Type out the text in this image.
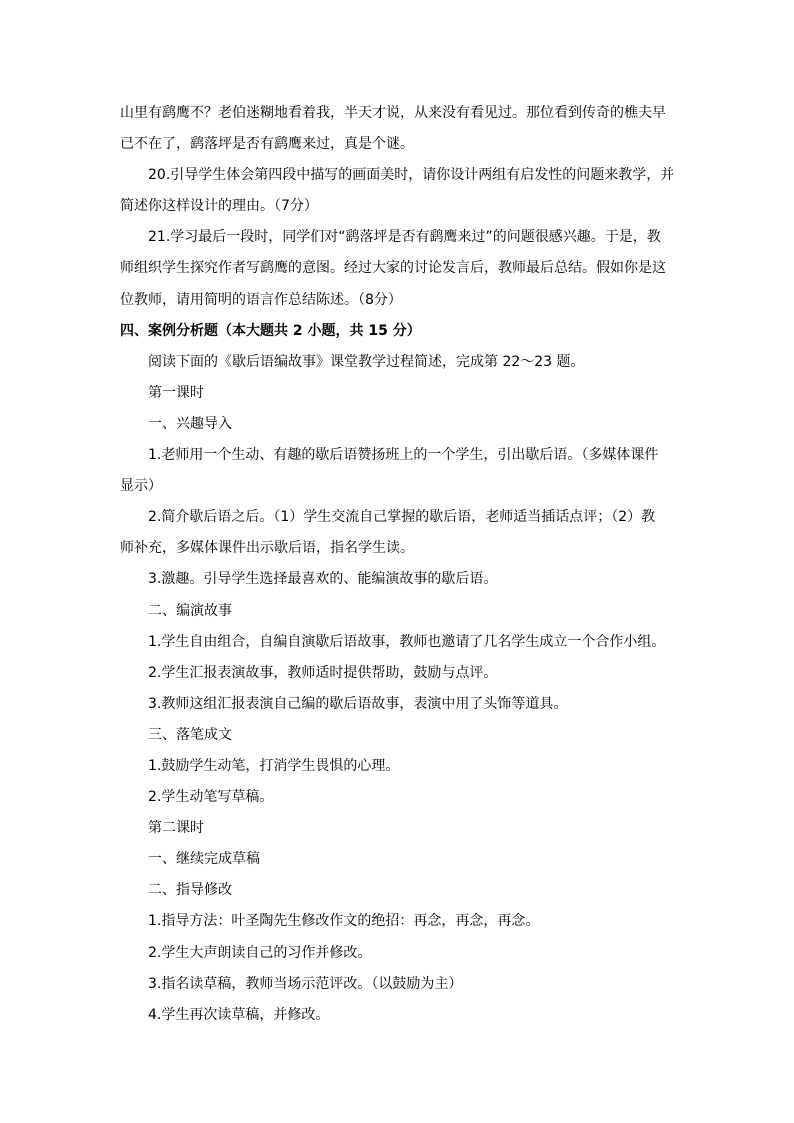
山里有鹞鹰不？老伯迷糊地看着我，半天才说，从来没有看见过。那位看到传奇的樵夫早
已不在了，鹞落坪是否有鹞鹰来过，真是个谜。
20.引导学生体会第四段中描写的画面美时，请你设计两组有启发性的问题来教学，并
简述你这样设计的理由。（7分）
21.学习最后一段时，同学们对“鹞落坪是否有鹞鹰来过”的问题很感兴趣。于是，教
师组织学生探究作者写鹞鹰的意图。经过大家的讨论发言后，教师最后总结。假如你是这
位教师，请用简明的语言作总结陈述。（8分）
四、案例分析题（本大题共 2 小题，共 15 分）
阅读下面的《歇后语编故事》课堂教学过程简述，完成第 22～23 题。
第一课时
一、兴趣导入
1.老师用一个生动、有趣的歇后语赞扬班上的一个学生，引出歇后语。（多媒体课件
显示）
2.简介歇后语之后。（1）学生交流自己掌握的歇后语，老师适当插话点评；（2）教
师补充，多媒体课件出示歇后语，指名学生读。
3.激趣。引导学生选择最喜欢的、能编演故事的歇后语。
二、编演故事
1.学生自由组合，自编自演歇后语故事，教师也邀请了几名学生成立一个合作小组。
2.学生汇报表演故事，教师适时提供帮助，鼓励与点评。
3.教师这组汇报表演自己编的歇后语故事，表演中用了头饰等道具。
三、落笔成文
1.鼓励学生动笔，打消学生畏惧的心理。
2.学生动笔写草稿。
第二课时
一、继续完成草稿
二、指导修改
1.指导方法：叶圣陶先生修改作文的绝招：再念，再念，再念。
2.学生大声朗读自己的习作并修改。
3.指名读草稿，教师当场示范评改。（以鼓励为主）
4.学生再次读草稿，并修改。
